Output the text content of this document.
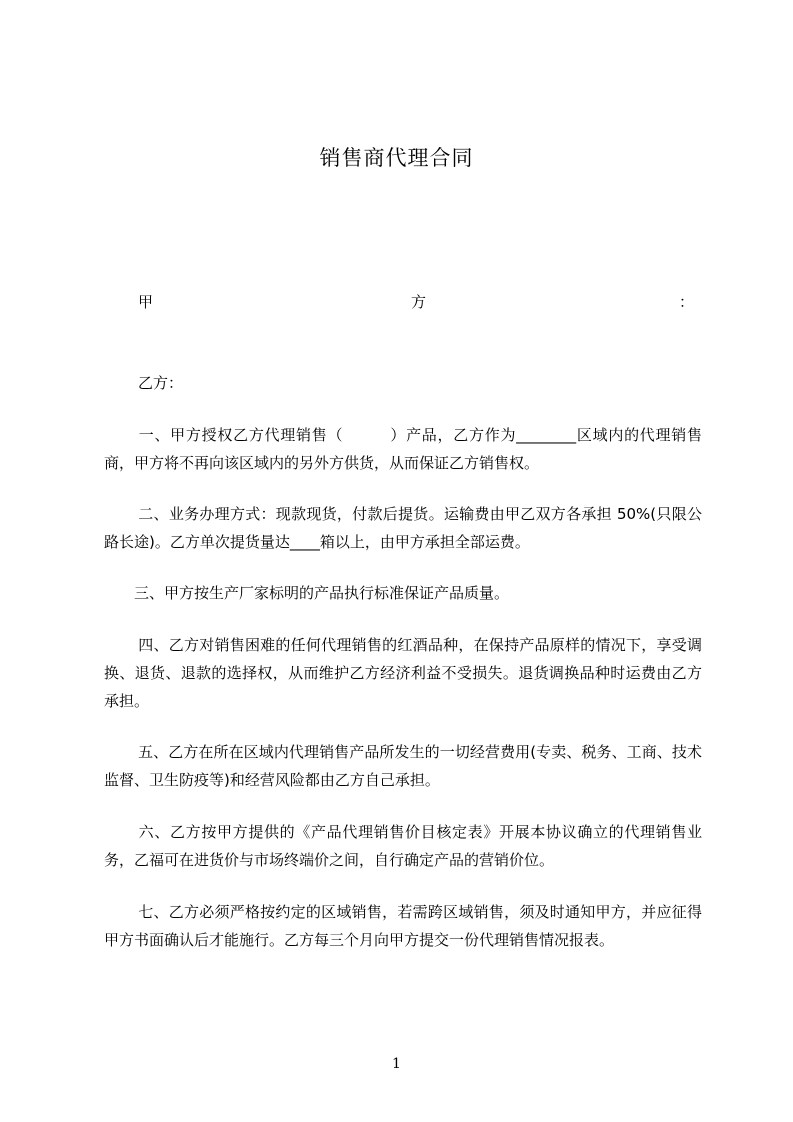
销售商代理合同
甲	方	：
乙方：

一、甲方授权乙方代理销售（　　　）产品，乙方作为________区域内的代理销售商，甲方将不再向该区域内的另外方供货，从而保证乙方销售权。

二、业务办理方式：现款现货，付款后提货。运输费由甲乙双方各承担 50%(只限公路长途)。乙方单次提货量达____箱以上，由甲方承担全部运费。

三、甲方按生产厂家标明的产品执行标准保证产品质量。

四、乙方对销售困难的任何代理销售的红酒品种，在保持产品原样的情况下，享受调换、退货、退款的选择权，从而维护乙方经济利益不受损失。退货调换品种时运费由乙方承担。

五、乙方在所在区域内代理销售产品所发生的一切经营费用(专卖、税务、工商、技术监督、卫生防疫等)和经营风险都由乙方自己承担。

六、乙方按甲方提供的《产品代理销售价目核定表》开展本协议确立的代理销售业务，乙福可在进货价与市场终端价之间，自行确定产品的营销价位。

七、乙方必须严格按约定的区域销售，若需跨区域销售，须及时通知甲方，并应征得甲方书面确认后才能施行。乙方每三个月向甲方提交一份代理销售情况报表。

1
